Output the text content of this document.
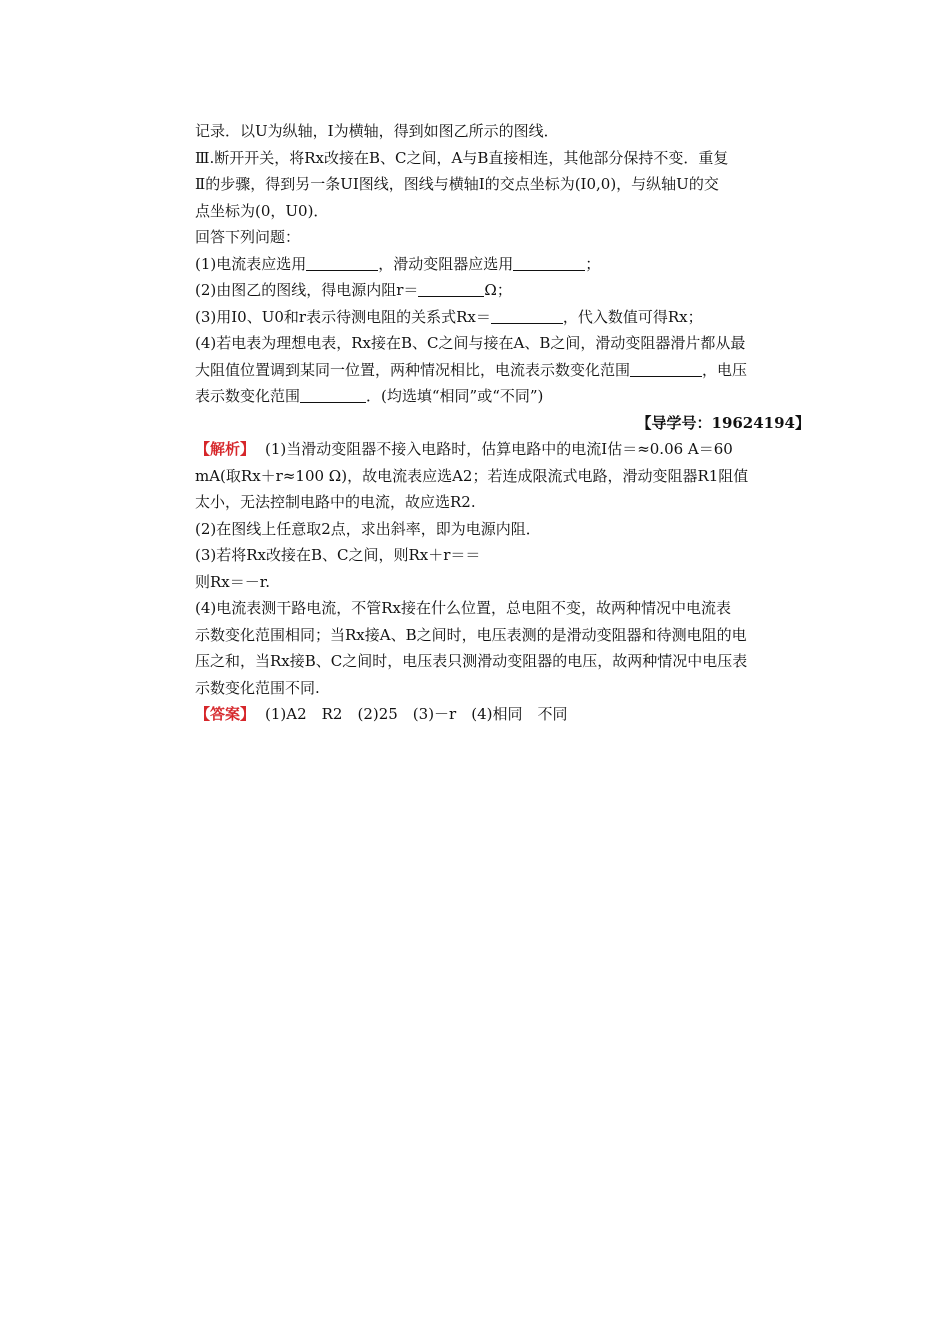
记录．以U为纵轴，I为横轴，得到如图乙所示的图线．
Ⅲ.断开开关，将Rx改接在B、C之间，A与B直接相连，其他部分保持不变．重复
Ⅱ的步骤，得到另一条UI图线，图线与横轴I的交点坐标为(I0,0)，与纵轴U的交
点坐标为(0，U0)．
回答下列问题：
(1)电流表应选用	，滑动变阻器应选用	；
(2)由图乙的图线，得电源内阻r＝	Ω；
(3)用I0、U0和r表示待测电阻的关系式Rx＝	，代入数值可得Rx；
(4)若电表为理想电表，Rx接在B、C之间与接在A、B之间，滑动变阻器滑片都从最
大阻值位置调到某同一位置，两种情况相比，电流表示数变化范围	，电压
表示数变化范围	．(均选填“相同”或“不同”)
【导学号：19624194】
【解析】 (1)当滑动变阻器不接入电路时，估算电路中的电流I估＝≈0.06 A＝60
mA(取Rx＋r≈100 Ω)，故电流表应选A2；若连成限流式电路，滑动变阻器R1阻值
太小，无法控制电路中的电流，故应选R2.
(2)在图线上任意取2点，求出斜率，即为电源内阻．
(3)若将Rx改接在B、C之间，则Rx＋r＝＝
则Rx＝－r.
(4)电流表测干路电流，不管Rx接在什么位置，总电阻不变，故两种情况中电流表
示数变化范围相同；当Rx接A、B之间时，电压表测的是滑动变阻器和待测电阻的电
压之和，当Rx接B、C之间时，电压表只测滑动变阻器的电压，故两种情况中电压表
示数变化范围不同.
【答案】 (1)A2　R2　(2)25　(3)－r　(4)相同　不同
